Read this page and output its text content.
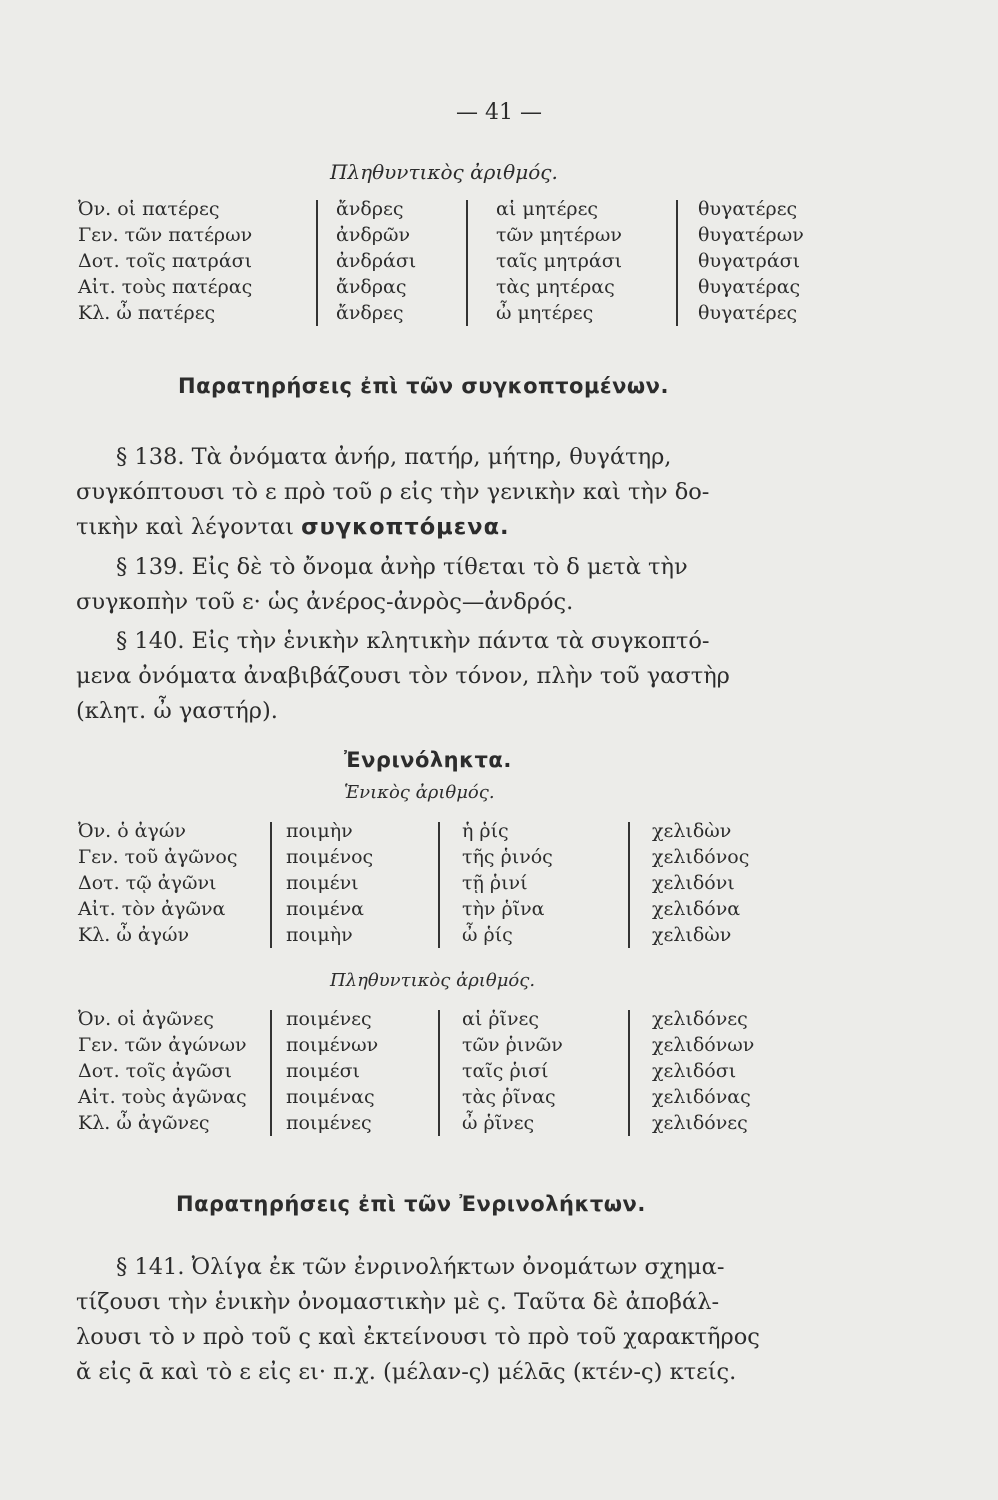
— 41 —
Πληθυντικὸς ἀριθμός.
Ὀν. οἱ πατέρες
Γεν. τῶν πατέρων
Δοτ. τοῖς πατράσι
Αἰτ. τοὺς πατέρας
Κλ. ὦ πατέρες
ἄνδρες
ἀνδρῶν
ἀνδράσι
ἄνδρας
ἄνδρες
αἱ μητέρες
τῶν μητέρων
ταῖς μητράσι
τὰς μητέρας
ὦ μητέρες
θυγατέρες
θυγατέρων
θυγατράσι
θυγατέρας
θυγατέρες
Παρατηρήσεις ἐπὶ τῶν συγκοπτομένων.
§ 138. Τὰ ὀνόματα ἀνήρ, πατήρ, μήτηρ, θυγάτηρ,
συγκόπτουσι τὸ ε πρὸ τοῦ ρ εἰς τὴν γενικὴν καὶ τὴν δο-
τικὴν καὶ λέγονται συγκοπτόμενα.
§ 139. Εἰς δὲ τὸ ὄνομα ἀνὴρ τίθεται τὸ δ μετὰ τὴν
συγκοπὴν τοῦ ε· ὡς ἀνέρος-ἀνρὸς—ἀνδρός.
§ 140. Εἰς τὴν ἑνικὴν κλητικὴν πάντα τὰ συγκοπτό-
μενα ὀνόματα ἀναβιβάζουσι τὸν τόνον, πλὴν τοῦ γαστὴρ
(κλητ. ὦ γαστήρ).
Ἐνρινόληκτα.
Ἑνικὸς ἀριθμός.
Ὀν. ὁ ἀγών
Γεν. τοῦ ἀγῶνος
Δοτ. τῷ ἀγῶνι
Αἰτ. τὸν ἀγῶνα
Κλ. ὦ ἀγών
ποιμὴν
ποιμένος
ποιμένι
ποιμένα
ποιμὴν
ἡ ῥίς
τῆς ῥινός
τῇ ῥινί
τὴν ῥῖνα
ὦ ῥίς
χελιδὼν
χελιδόνος
χελιδόνι
χελιδόνα
χελιδὼν
Πληθυντικὸς ἀριθμός.
Ὀν. οἱ ἀγῶνες
Γεν. τῶν ἀγώνων
Δοτ. τοῖς ἀγῶσι
Αἰτ. τοὺς ἀγῶνας
Κλ. ὦ ἀγῶνες
ποιμένες
ποιμένων
ποιμέσι
ποιμένας
ποιμένες
αἱ ῥῖνες
τῶν ῥινῶν
ταῖς ῥισί
τὰς ῥῖνας
ὦ ῥῖνες
χελιδόνες
χελιδόνων
χελιδόσι
χελιδόνας
χελιδόνες
Παρατηρήσεις ἐπὶ τῶν Ἐνρινολήκτων.
§ 141. Ὀλίγα ἐκ τῶν ἐνρινολήκτων ὀνομάτων σχημα-
τίζουσι τὴν ἑνικὴν ὀνομαστικὴν μὲ ς. Ταῦτα δὲ ἀποβάλ-
λουσι τὸ ν πρὸ τοῦ ς καὶ ἐκτείνουσι τὸ πρὸ τοῦ χαρακτῆρος
ᾰ εἰς ᾱ καὶ τὸ ε εἰς ει· π.χ. (μέλαν-ς) μέλᾱς (κτέν-ς) κτείς.
